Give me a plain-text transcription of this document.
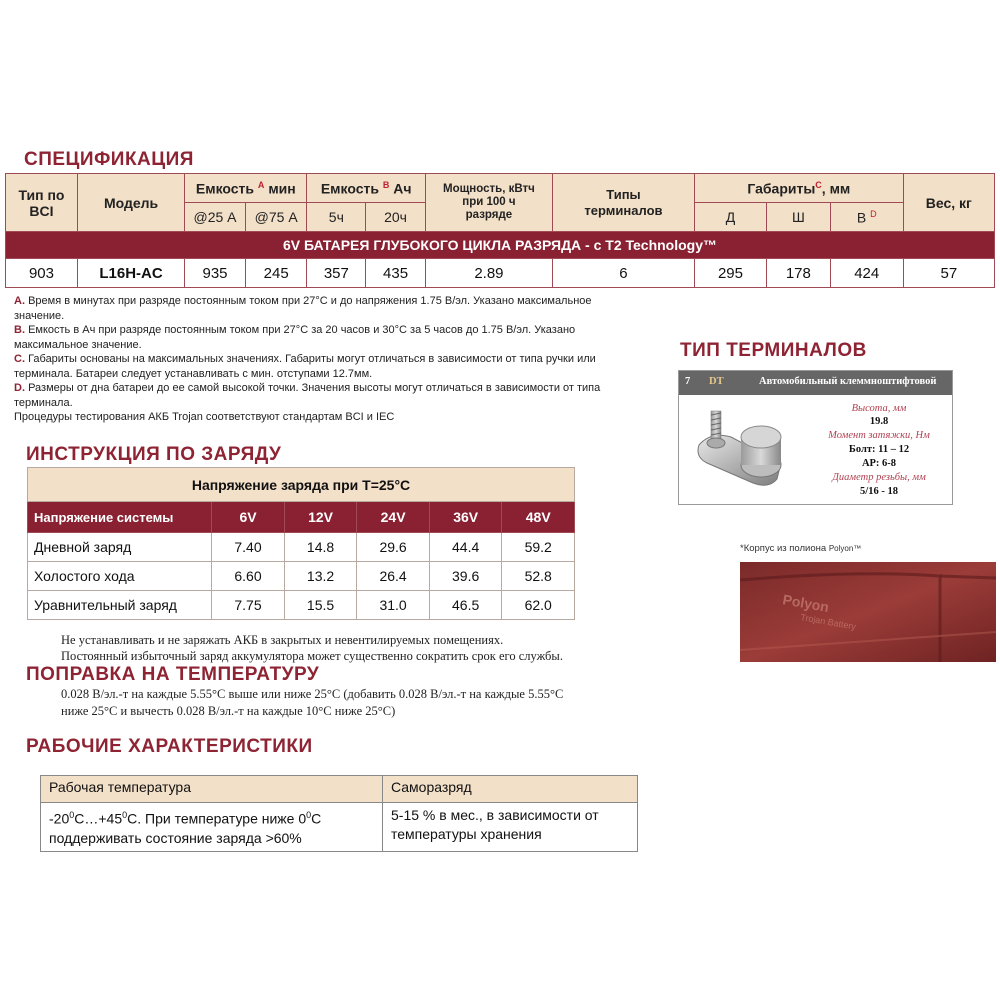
СПЕЦИФИКАЦИЯ
Тип по BCI	Модель	Емкость $^A$ мин		Емкость $^B$ Ач		Мощность, кВтч при 100 ч разряде	Типы терминалов	Габариты$^C$, мм			Вес, кг
		@25 А	@75 А	5ч	20ч			Д	Ш	В $^D$
6V БАТАРЕЯ ГЛУБОКОГО ЦИКЛА РАЗРЯДА - с T2 Technology™											
903	L16H-AC	935	245	357	435	2.89	6	295	178	424	57
A. Время в минутах при разряде постоянным током при 27°C и до напряжения 1.75 В/эл. Указано максимальное
значение.
B. Емкость в Ач при разряде постоянным током при 27°C за 20 часов и 30°C за 5 часов до 1.75 В/эл. Указано
максимальное значение.
C. Габариты основаны на максимальных значениях. Габариты могут отличаться в зависимости от типа ручки или
терминала. Батареи следует устанавливать с мин. отступами 12.7мм.
D. Размеры от дна батареи до ее самой высокой точки. Значения высоты могут отличаться в зависимости от типа
терминала.
Процедуры тестирования АКБ Trojan соответствуют стандартам BCI и IEC
ИНСТРУКЦИЯ ПО ЗАРЯДУ
Напряжение заряда при T=25°C					
Напряжение системы	6V	12V	24V	36V	48V
Дневной заряд	7.40	14.8	29.6	44.4	59.2
Холостого хода	6.60	13.2	26.4	39.6	52.8
Уравнительный заряд	7.75	15.5	31.0	46.5	62.0
Не устанавливать и не заряжать АКБ в закрытых и невентилируемых помещениях.
Постоянный избыточный заряд аккумулятора может существенно сократить срок его службы.
ПОПРАВКА НА ТЕМПЕРАТУРУ
0.028 В/эл.-т на каждые 5.55°C выше или ниже 25°C (добавить 0.028 В/эл.-т на каждые 5.55°C
ниже 25°C и вычесть 0.028 В/эл.-т на каждые 10°C ниже 25°C)
РАБОЧИЕ ХАРАКТЕРИСТИКИ
Рабочая температура	Саморазряд
$-20^0C\dots+45^0C$. При температуре ниже $0^0C$
поддерживать состояние заряда >60%	5-15 % в мес., в зависимости от
температуры хранения
ТИП ТЕРМИНАЛОВ
7 DT	Автомобильный клеммноштифтовой
Высота, мм
19.8
Момент затяжки, Нм
Болт: 11 – 12
AP: 6-8
Диаметр резьбы, мм
5/16 - 18
*Корпус из полиона Polyon™
Polyon
Trojan Battery
